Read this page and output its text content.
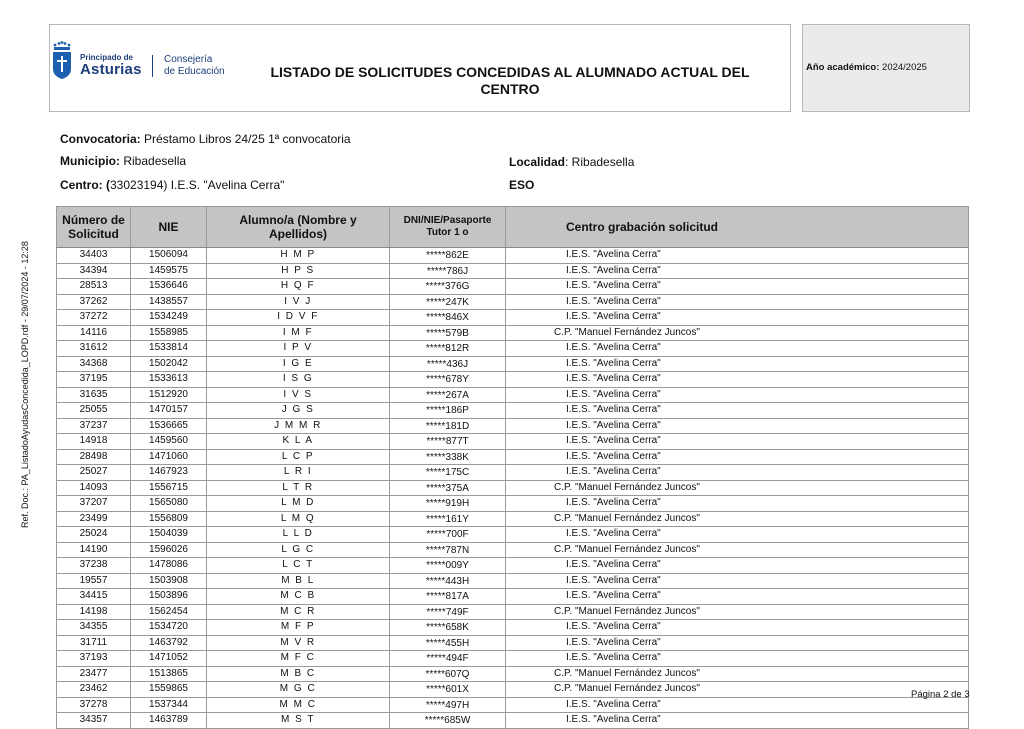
Principado de
Asturias
Consejería
de Educación	LISTADO DE SOLICITUDES CONCEDIDAS AL ALUMNADO ACTUAL DEL CENTRO
Año académico: 2024/2025
Convocatoria: Préstamo Libros 24/25 1ª convocatoria
Municipio: Ribadesella	Localidad: Ribadesella
Centro: (33023194) I.E.S. "Avelina Cerra"	ESO
Número de Solicitud	NIE	Alumno/a (Nombre y Apellidos)	DNI/NIE/Pasaporte Tutor 1 o	Centro grabación solicitud
34403	1506094	H M P	*****862E	I.E.S. "Avelina Cerra"
34394	1459575	H P S	*****786J	I.E.S. "Avelina Cerra"
28513	1536646	H Q F	*****376G	I.E.S. "Avelina Cerra"
37262	1438557	I V J	*****247K	I.E.S. "Avelina Cerra"
37272	1534249	I D V F	*****846X	I.E.S. "Avelina Cerra"
14116	1558985	I M F	*****579B	C.P. "Manuel Fernández Juncos"
31612	1533814	I P V	*****812R	I.E.S. "Avelina Cerra"
34368	1502042	I G E	*****436J	I.E.S. "Avelina Cerra"
37195	1533613	I S G	*****678Y	I.E.S. "Avelina Cerra"
31635	1512920	I V S	*****267A	I.E.S. "Avelina Cerra"
25055	1470157	J G S	*****186P	I.E.S. "Avelina Cerra"
37237	1536665	J M M R	*****181D	I.E.S. "Avelina Cerra"
14918	1459560	K L A	*****877T	I.E.S. "Avelina Cerra"
28498	1471060	L C P	*****338K	I.E.S. "Avelina Cerra"
25027	1467923	L R I	*****175C	I.E.S. "Avelina Cerra"
14093	1556715	L T R	*****375A	C.P. "Manuel Fernández Juncos"
37207	1565080	L M D	*****919H	I.E.S. "Avelina Cerra"
23499	1556809	L M Q	*****161Y	C.P. "Manuel Fernández Juncos"
25024	1504039	L L D	*****700F	I.E.S. "Avelina Cerra"
14190	1596026	L G C	*****787N	C.P. "Manuel Fernández Juncos"
37238	1478086	L C T	*****009Y	I.E.S. "Avelina Cerra"
19557	1503908	M B L	*****443H	I.E.S. "Avelina Cerra"
34415	1503896	M C B	*****817A	I.E.S. "Avelina Cerra"
14198	1562454	M C R	*****749F	C.P. "Manuel Fernández Juncos"
34355	1534720	M F P	*****658K	I.E.S. "Avelina Cerra"
31711	1463792	M V R	*****455H	I.E.S. "Avelina Cerra"
37193	1471052	M F C	*****494F	I.E.S. "Avelina Cerra"
23477	1513865	M B C	*****607Q	C.P. "Manuel Fernández Juncos"
23462	1559865	M G C	*****601X	C.P. "Manuel Fernández Juncos"
37278	1537344	M M C	*****497H	I.E.S. "Avelina Cerra"
34357	1463789	M S T	*****685W	I.E.S. "Avelina Cerra"
Ref. Doc.: PA_ListadoAyudasConcedida_LOPD.rdf - 29/07/2024 - 12:28
Página 2 de 3
